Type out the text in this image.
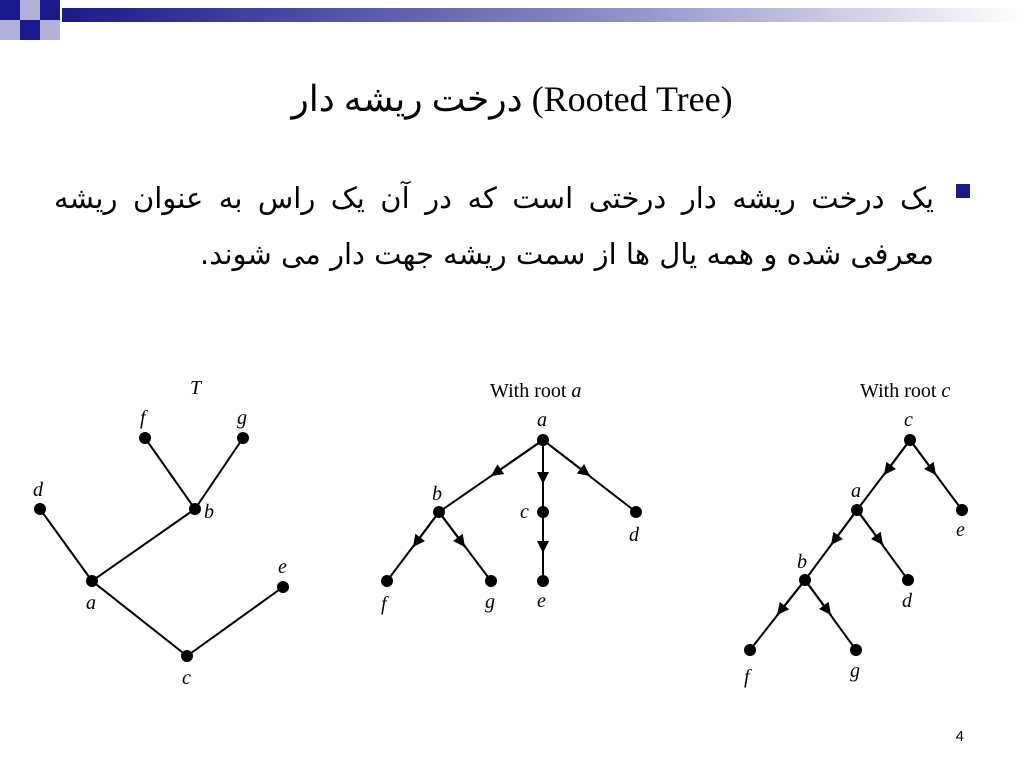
درخت ریشه دار (Rooted Tree)
یک درخت ریشه دار درختی است که در آن یک راس به عنوان ریشه معرفی شده و همه یال ها از سمت ریشه جهت دار می شوند.
T
f	g
b
d
a
e
c
With root a
a
b
c
d
f	g e
With root c
c
a
e
b
d
f	g
4
